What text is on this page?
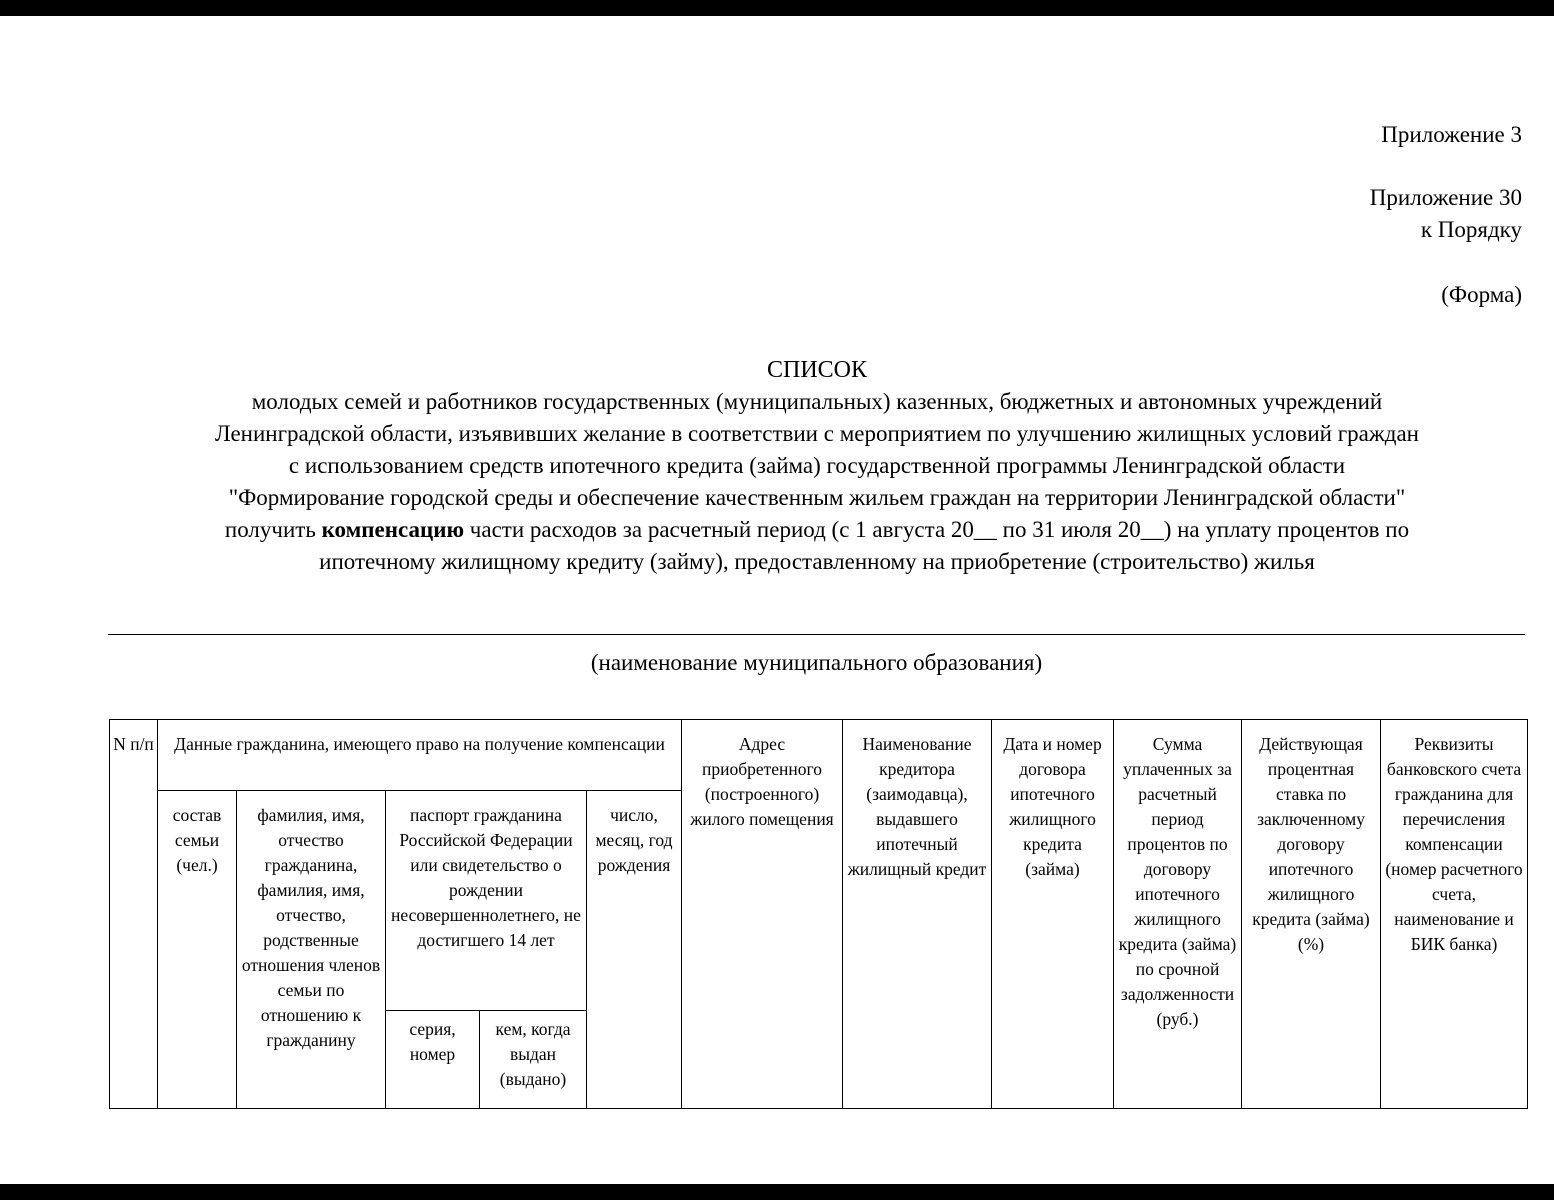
Приложение 3
Приложение 30
к Порядку
(Форма)
СПИСОК
молодых семей и работников государственных (муниципальных) казенных, бюджетных и автономных учреждений
Ленинградской области, изъявивших желание в соответствии с мероприятием по улучшению жилищных условий граждан
с использованием средств ипотечного кредита (займа) государственной программы Ленинградской области
"Формирование городской среды и обеспечение качественным жильем граждан на территории Ленинградской области"
получить компенсацию части расходов за расчетный период (с 1 августа 20__ по 31 июля 20__) на уплату процентов по
ипотечному жилищному кредиту (займу), предоставленному на приобретение (строительство) жилья
(наименование муниципального образования)
N п/п	Данные гражданина, имеющего право на получение компенсации					Адрес приобретенного (построенного) жилого помещения	Наименование кредитора (заимодавца), выдавшего ипотечный жилищный кредит	Дата и номер договора ипотечного жилищного кредита (займа)	Сумма уплаченных за расчетный период процентов по договору ипотечного жилищного кредита (займа) по срочной задолженности (руб.)	Действующая процентная ставка по заключенному договору ипотечного жилищного кредита (займа) (%)	Реквизиты банковского счета гражданина для перечисления компенсации (номер расчетного счета, наименование и БИК банка)
	состав семьи (чел.)	фамилия, имя, отчество гражданина, фамилия, имя, отчество, родственные отношения членов семьи по отношению к гражданину	паспорт гражданина Российской Федерации или свидетельство о рождении несовершеннолетнего, не достигшего 14 лет		число, месяц, год рождения						
			серия, номер	кем, когда выдан (выдано)							
